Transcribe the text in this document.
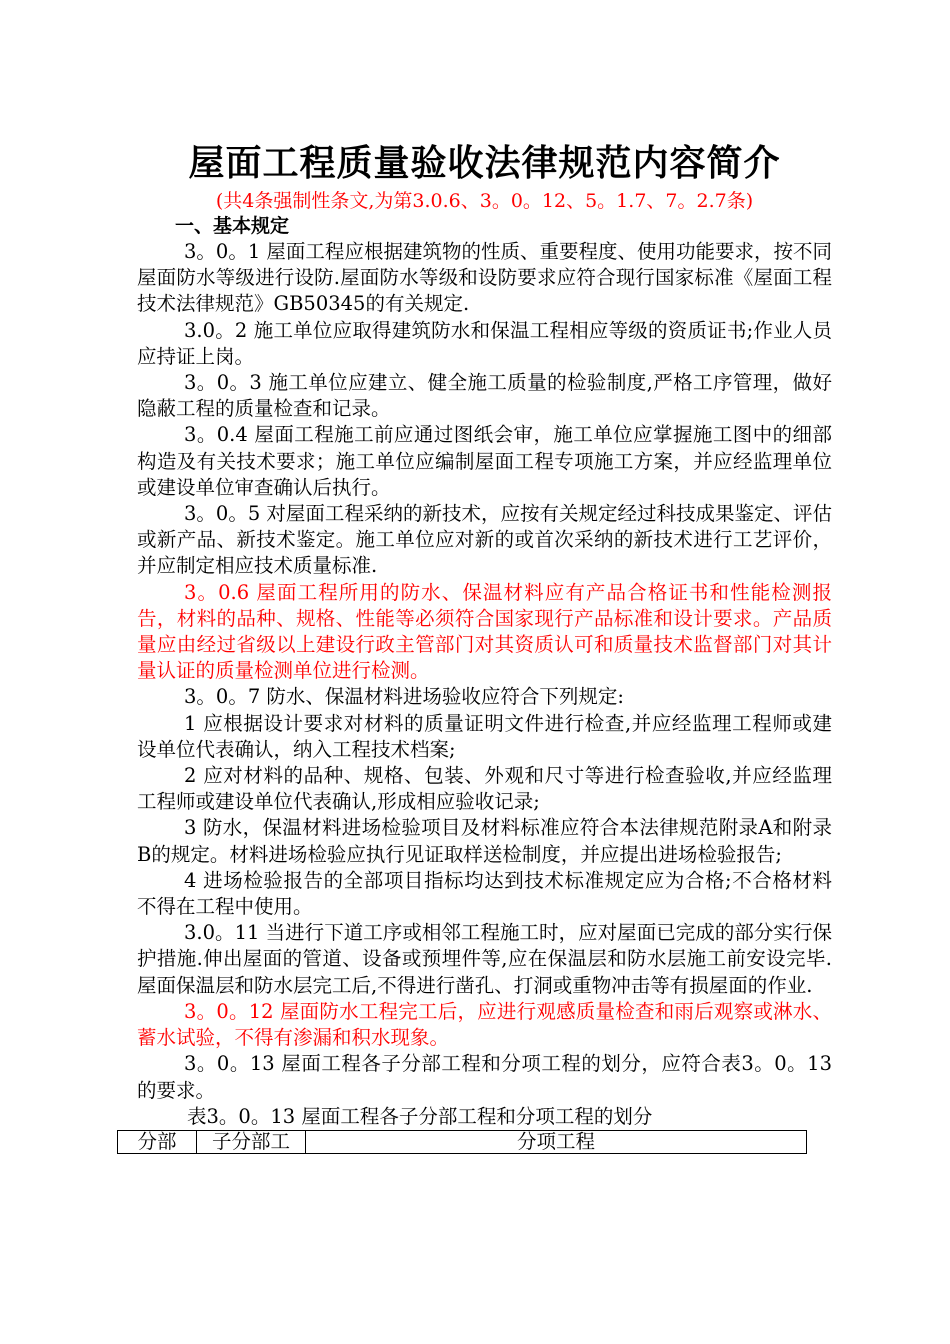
屋面工程质量验收法律规范内容简介

(共4条强制性条文,为第3.0.6、3。0。12、5。1.7、7。2.7条)

一、基本规定

3。0。1 屋面工程应根据建筑物的性质、重要程度、使用功能要求，按不同屋面防水等级进行设防.屋面防水等级和设防要求应符合现行国家标准《屋面工程技术法律规范》GB50345的有关规定.

3.0。2 施工单位应取得建筑防水和保温工程相应等级的资质证书;作业人员应持证上岗。

3。0。3 施工单位应建立、健全施工质量的检验制度,严格工序管理，做好隐蔽工程的质量检查和记录。

3。0.4 屋面工程施工前应通过图纸会审，施工单位应掌握施工图中的细部构造及有关技术要求；施工单位应编制屋面工程专项施工方案，并应经监理单位或建设单位审查确认后执行。

3。0。5 对屋面工程采纳的新技术，应按有关规定经过科技成果鉴定、评估或新产品、新技术鉴定。施工单位应对新的或首次采纳的新技术进行工艺评价，并应制定相应技术质量标准.

3。0.6 屋面工程所用的防水、保温材料应有产品合格证书和性能检测报告，材料的品种、规格、性能等必须符合国家现行产品标准和设计要求。产品质量应由经过省级以上建设行政主管部门对其资质认可和质量技术监督部门对其计量认证的质量检测单位进行检测。

3。0。7 防水、保温材料进场验收应符合下列规定:

1 应根据设计要求对材料的质量证明文件进行检查,并应经监理工程师或建设单位代表确认，纳入工程技术档案;

2 应对材料的品种、规格、包装、外观和尺寸等进行检查验收,并应经监理工程师或建设单位代表确认,形成相应验收记录;

3 防水，保温材料进场检验项目及材料标准应符合本法律规范附录A和附录B的规定。材料进场检验应执行见证取样送检制度，并应提出进场检验报告;

4 进场检验报告的全部项目指标均达到技术标准规定应为合格;不合格材料不得在工程中使用。

3.0。11 当进行下道工序或相邻工程施工时，应对屋面已完成的部分实行保护措施.伸出屋面的管道、设备或预埋件等,应在保温层和防水层施工前安设完毕.屋面保温层和防水层完工后,不得进行凿孔、打洞或重物冲击等有损屋面的作业.

3。0。12 屋面防水工程完工后，应进行观感质量检查和雨后观察或淋水、蓄水试验，不得有渗漏和积水现象。

3。0。13 屋面工程各子分部工程和分项工程的划分，应符合表3。0。13的要求。

表3。0。13 屋面工程各子分部工程和分项工程的划分

分部	子分部工	分项工程
